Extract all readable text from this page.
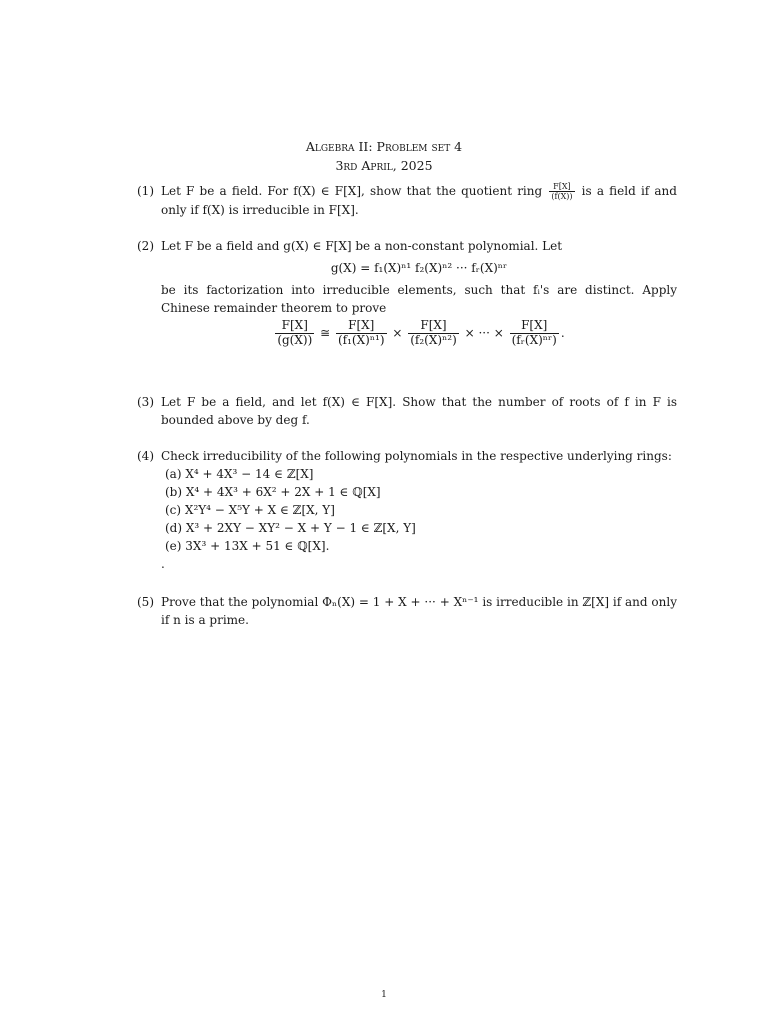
Algebra II: Problem set 4
3rd April, 2025
(1) Let F be a field. For f(X) ∈ F[X], show that the quotient ring $\frac{F[X]}{(f(X))}$ is a field if and only if f(X) is irreducible in F[X].
(2) Let F be a field and g(X) ∈ F[X] be a non-constant polynomial. Let
g(X) = f₁(X)ⁿ¹ f₂(X)ⁿ² ··· fᵣ(X)ⁿʳ
be its factorization into irreducible elements, such that fᵢ's are distinct. Apply Chinese remainder theorem to prove
$\frac{F[X]}{(g(X))}$ ≅ $\frac{F[X]}{\text{(f₁(X)ⁿ¹)}} \times \frac{F[X]}{\text{(f₂(X)ⁿ²)}}$ × ··· × $\frac{F[X]}{\text{(fᵣ(X)ⁿʳ)}}$ .
(3) Let F be a field, and let f(X) ∈ F[X]. Show that the number of roots of f in F is bounded above by deg f.
(4) Check irreducibility of the following polynomials in the respective underlying rings:
(a) X⁴ + 4X³ − 14 ∈ ℤ[X]
(b) X⁴ + 4X³ + 6X² + 2X + 1 ∈ ℚ[X]
(c) X²Y⁴ − X⁵Y + X ∈ ℤ[X, Y]
(d) X³ + 2XY − XY² − X + Y − 1 ∈ ℤ[X, Y]
(e) 3X³ + 13X + 51 ∈ ℚ[X].
.
(5) Prove that the polynomial Φₙ(X) = 1 + X + ··· + Xⁿ⁻¹ is irreducible in ℤ[X] if and only if n is a prime.
1
